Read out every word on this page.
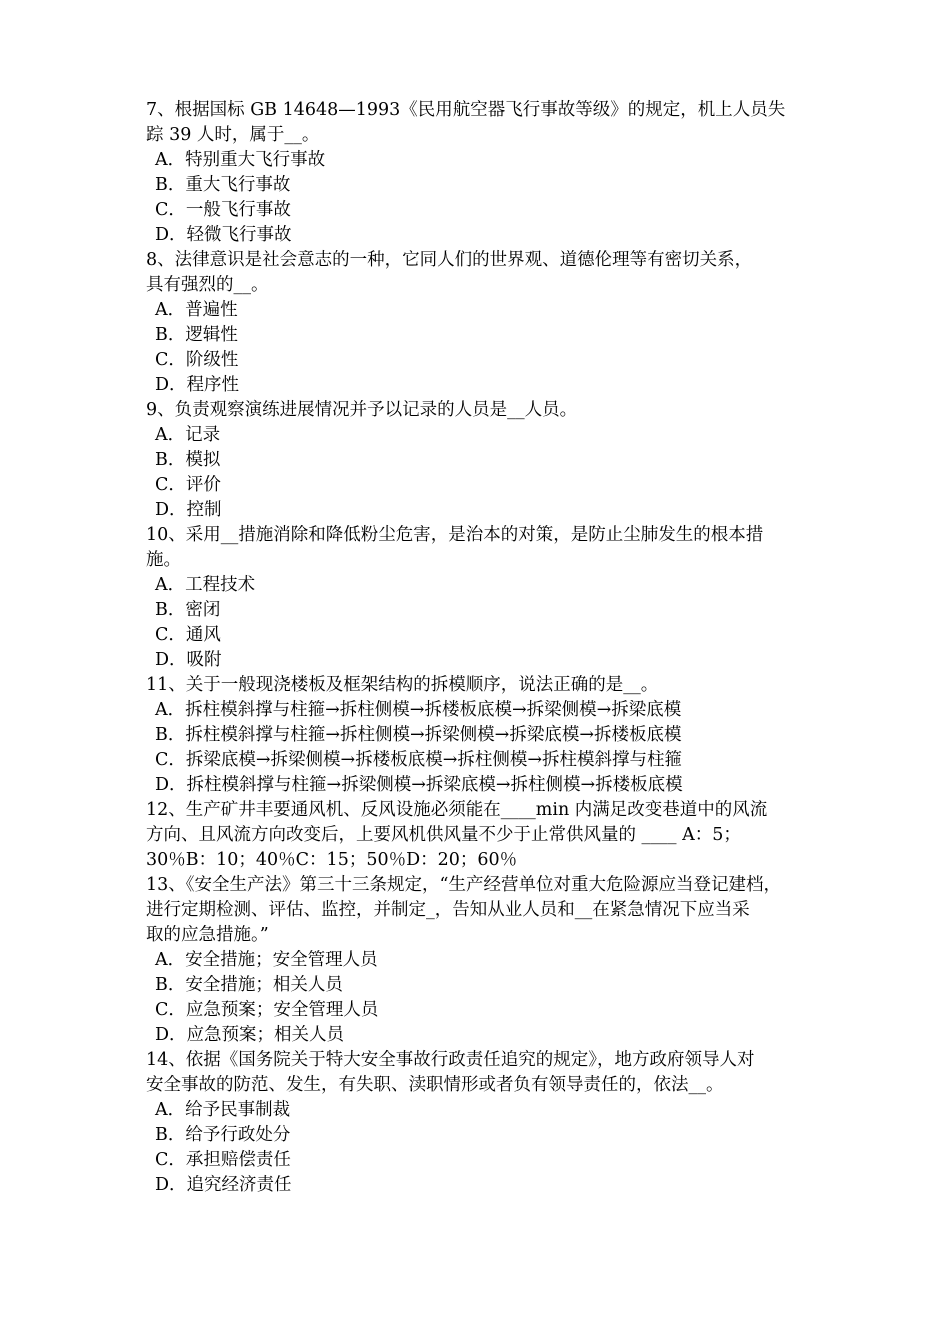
7、根据国标 GB 14648—1993《民用航空器飞行事故等级》的规定，机上人员失
踪 39 人时，属于__。
A．特别重大飞行事故
B．重大飞行事故
C．一般飞行事故
D．轻微飞行事故
8、法律意识是社会意志的一种，它同人们的世界观、道德伦理等有密切关系，
具有强烈的__。
A．普遍性
B．逻辑性
C．阶级性
D．程序性
9、负责观察演练进展情况并予以记录的人员是__人员。
A．记录
B．模拟
C．评价
D．控制
10、采用__措施消除和降低粉尘危害，是治本的对策，是防止尘肺发生的根本措
施。
A．工程技术
B．密闭
C．通风
D．吸附
11、关于一般现浇楼板及框架结构的拆模顺序，说法正确的是__。
A．拆柱模斜撑与柱箍→拆柱侧模→拆楼板底模→拆梁侧模→拆梁底模
B．拆柱模斜撑与柱箍→拆柱侧模→拆梁侧模→拆梁底模→拆楼板底模
C．拆梁底模→拆梁侧模→拆楼板底模→拆柱侧模→拆柱模斜撑与柱箍
D．拆柱模斜撑与柱箍→拆梁侧模→拆梁底模→拆柱侧模→拆楼板底模
12、生产矿井丰要通风机、反风设施必须能在____min 内满足改变巷道中的风流
方向、且风流方向改变后，上要风机供风量不少于止常供风量的 ____ A：5；
30％B：10；40％C：15；50％D：20；60％
13、《安全生产法》第三十三条规定，“生产经营单位对重大危险源应当登记建档，
进行定期检测、评估、监控，并制定_，告知从业人员和__在紧急情况下应当采
取的应急措施。”
A．安全措施；安全管理人员
B．安全措施；相关人员
C．应急预案；安全管理人员
D．应急预案；相关人员
14、依据《国务院关于特大安全事故行政责任追究的规定》，地方政府领导人对
安全事故的防范、发生，有失职、渎职情形或者负有领导责任的，依法__。
A．给予民事制裁
B．给予行政处分
C．承担赔偿责任
D．追究经济责任
